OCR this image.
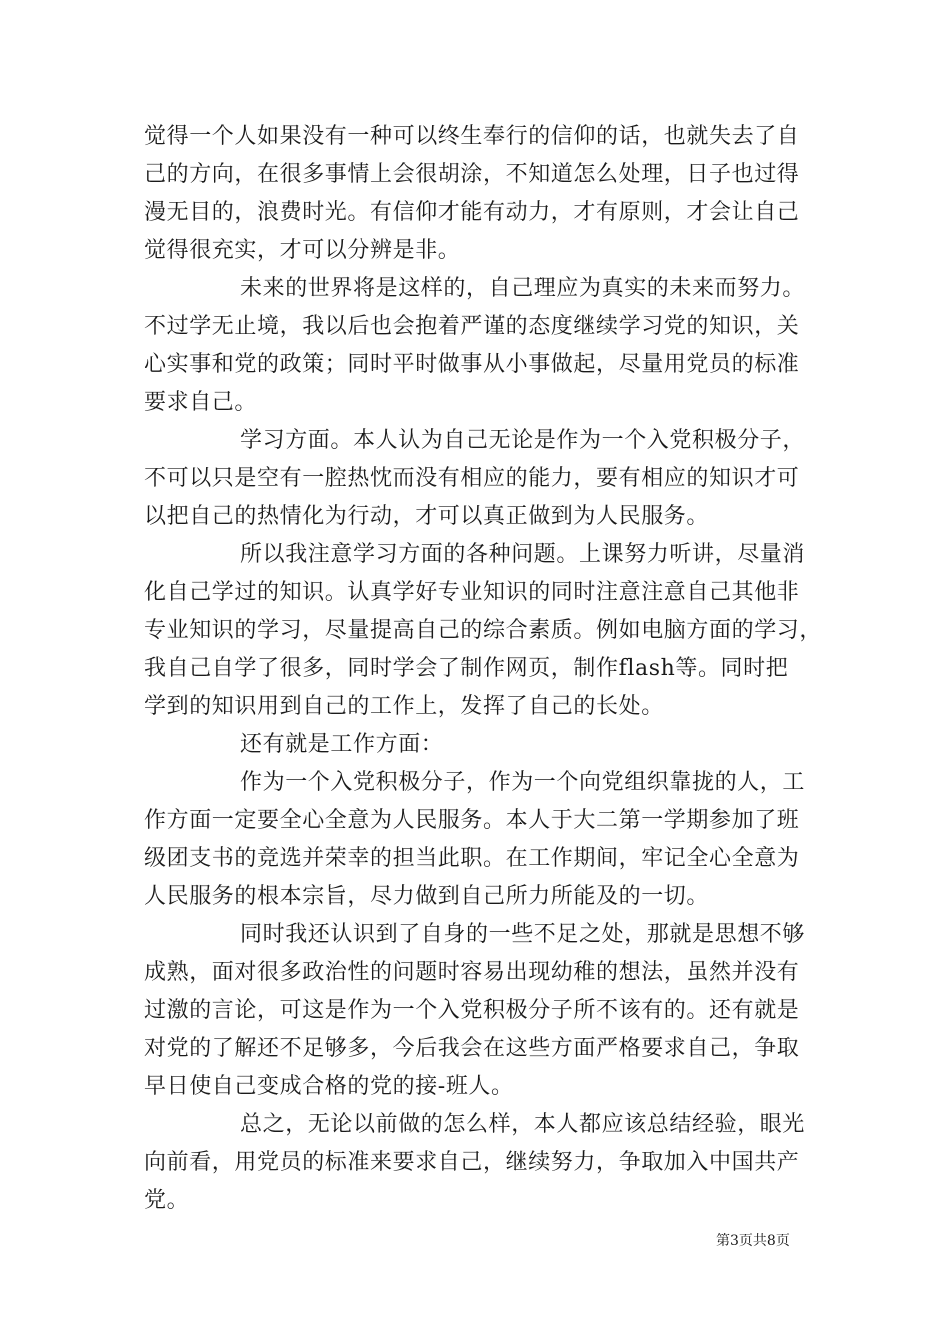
觉得一个人如果没有一种可以终生奉行的信仰的话，也就失去了自
己的方向，在很多事情上会很胡涂，不知道怎么处理，日子也过得
漫无目的，浪费时光。有信仰才能有动力，才有原则，才会让自己
觉得很充实，才可以分辨是非。
未来的世界将是这样的，自己理应为真实的未来而努力。
不过学无止境，我以后也会抱着严谨的态度继续学习党的知识，关
心实事和党的政策；同时平时做事从小事做起，尽量用党员的标准
要求自己。
学习方面。本人认为自己无论是作为一个入党积极分子，
不可以只是空有一腔热忱而没有相应的能力，要有相应的知识才可
以把自己的热情化为行动，才可以真正做到为人民服务。
所以我注意学习方面的各种问题。上课努力听讲，尽量消
化自己学过的知识。认真学好专业知识的同时注意注意自己其他非
专业知识的学习，尽量提高自己的综合素质。例如电脑方面的学习，
我自己自学了很多，同时学会了制作网页，制作flash等。同时把
学到的知识用到自己的工作上，发挥了自己的长处。
还有就是工作方面：
作为一个入党积极分子，作为一个向党组织靠拢的人，工
作方面一定要全心全意为人民服务。本人于大二第一学期参加了班
级团支书的竞选并荣幸的担当此职。在工作期间，牢记全心全意为
人民服务的根本宗旨，尽力做到自己所力所能及的一切。
同时我还认识到了自身的一些不足之处，那就是思想不够
成熟，面对很多政治性的问题时容易出现幼稚的想法，虽然并没有
过激的言论，可这是作为一个入党积极分子所不该有的。还有就是
对党的了解还不足够多，今后我会在这些方面严格要求自己，争取
早日使自己变成合格的党的接-班人。
总之，无论以前做的怎么样，本人都应该总结经验，眼光
向前看，用党员的标准来要求自己，继续努力，争取加入中国共产
党。
第3页共8页
